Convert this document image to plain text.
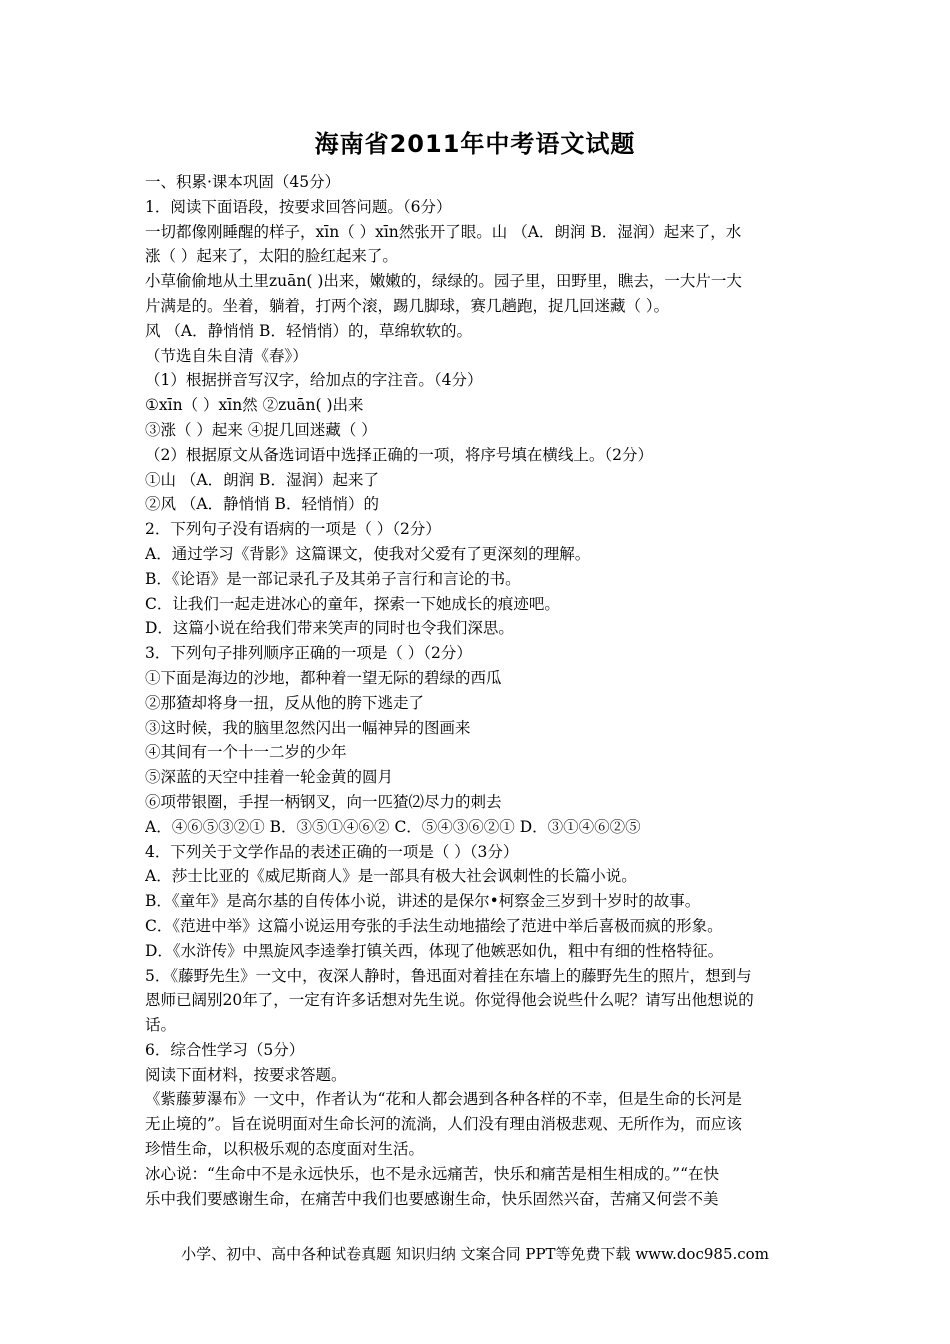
海南省2011年中考语文试题
一、积累·课本巩固（45分）
1．阅读下面语段，按要求回答问题。（6分）
一切都像刚睡醒的样子，xīn（ ）xīn然张开了眼。山 （A．朗润 B．湿润）起来了，水
涨（ ）起来了，太阳的脸红起来了。
小草偷偷地从土里zuān( )出来，嫩嫩的，绿绿的。园子里，田野里，瞧去，一大片一大
片满是的。坐着，躺着，打两个滚，踢几脚球，赛几趟跑，捉几回迷藏（ ）。
风 （A．静悄悄 B．轻悄悄）的，草绵软软的。
（节选自朱自清《春》）
（1）根据拼音写汉字，给加点的字注音。（4分）
①xīn（ ）xīn然 ②zuān( )出来
③涨（ ）起来 ④捉几回迷藏（ ）
（2）根据原文从备选词语中选择正确的一项，将序号填在横线上。（2分）
①山 （A．朗润 B．湿润）起来了
②风 （A．静悄悄 B．轻悄悄）的
2．下列句子没有语病的一项是（ ）（2分）
A．通过学习《背影》这篇课文，使我对父爱有了更深刻的理解。
B．《论语》是一部记录孔子及其弟子言行和言论的书。
C．让我们一起走进冰心的童年，探索一下她成长的痕迹吧。
D．这篇小说在给我们带来笑声的同时也令我们深思。
3．下列句子排列顺序正确的一项是（ ）（2分）
①下面是海边的沙地，都种着一望无际的碧绿的西瓜
②那猹却将身一扭，反从他的胯下逃走了
③这时候，我的脑里忽然闪出一幅神异的图画来
④其间有一个十一二岁的少年
⑤深蓝的天空中挂着一轮金黄的圆月
⑥项带银圈，手捏一柄钢叉，向一匹猹⑵尽力的刺去
A．④⑥⑤③②① B．③⑤①④⑥② C．⑤④③⑥②① D．③①④⑥②⑤
4．下列关于文学作品的表述正确的一项是（ ）（3分）
A．莎士比亚的《威尼斯商人》是一部具有极大社会讽刺性的长篇小说。
B．《童年》是高尔基的自传体小说，讲述的是保尔•柯察金三岁到十岁时的故事。
C．《范进中举》这篇小说运用夸张的手法生动地描绘了范进中举后喜极而疯的形象。
D．《水浒传》中黑旋风李逵拳打镇关西，体现了他嫉恶如仇，粗中有细的性格特征。
5．《藤野先生》一文中，夜深人静时，鲁迅面对着挂在东墙上的藤野先生的照片，想到与
恩师已阔别20年了，一定有许多话想对先生说。你觉得他会说些什么呢？请写出他想说的
话。
6．综合性学习（5分）
阅读下面材料，按要求答题。
《紫藤萝瀑布》一文中，作者认为“花和人都会遇到各种各样的不幸，但是生命的长河是
无止境的”。旨在说明面对生命长河的流淌，人们没有理由消极悲观、无所作为，而应该
珍惜生命，以积极乐观的态度面对生活。
冰心说：“生命中不是永远快乐，也不是永远痛苦，快乐和痛苦是相生相成的。”“在快
乐中我们要感谢生命，在痛苦中我们也要感谢生命，快乐固然兴奋，苦痛又何尝不美
小学、初中、高中各种试卷真题 知识归纳 文案合同 PPT等免费下载 www.doc985.com
